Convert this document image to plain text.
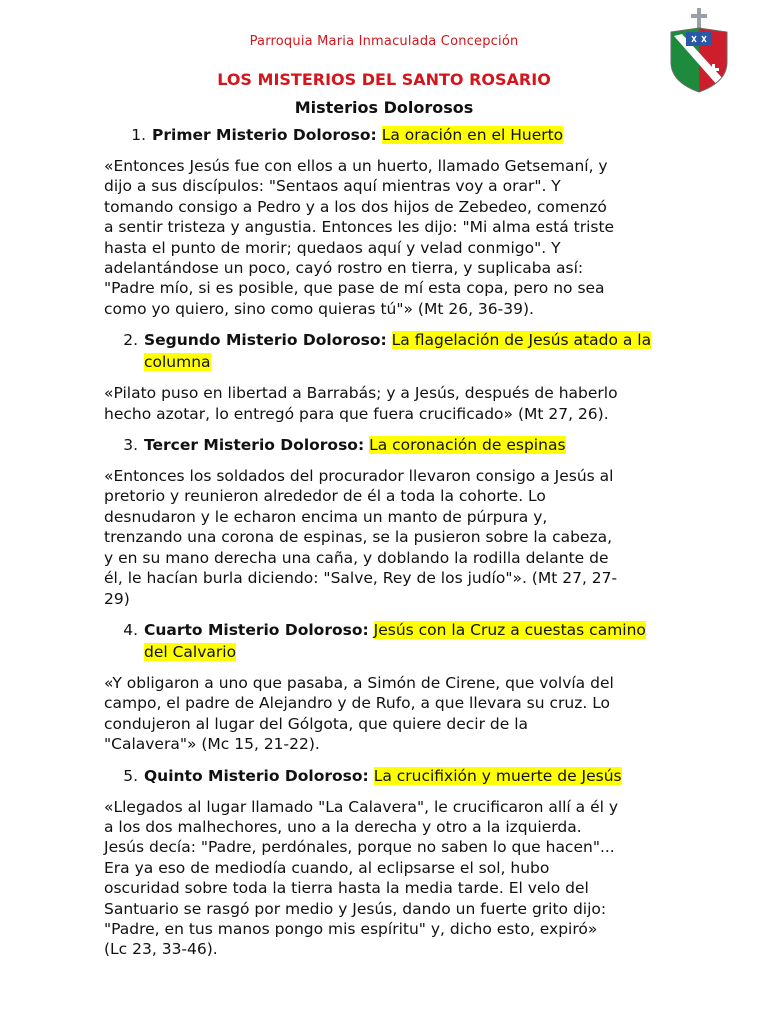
Parroquia Maria Inmaculada Concepción
LOS MISTERIOS DEL SANTO ROSARIO
Misterios Dolorosos
1. Primer Misterio Doloroso: La oración en el Huerto
«Entonces Jesús fue con ellos a un huerto, llamado Getsemaní, y
dijo a sus discípulos: "Sentaos aquí mientras voy a orar". Y
tomando consigo a Pedro y a los dos hijos de Zebedeo, comenzó
a sentir tristeza y angustia. Entonces les dijo: "Mi alma está triste
hasta el punto de morir; quedaos aquí y velad conmigo". Y
adelantándose un poco, cayó rostro en tierra, y suplicaba así:
"Padre mío, si es posible, que pase de mí esta copa, pero no sea
como yo quiero, sino como quieras tú"» (Mt 26, 36-39).
2. Segundo Misterio Doloroso: La flagelación de Jesús atado a la columna
«Pilato puso en libertad a Barrabás; y a Jesús, después de haberlo
hecho azotar, lo entregó para que fuera crucificado» (Mt 27, 26).
3. Tercer Misterio Doloroso: La coronación de espinas
«Entonces los soldados del procurador llevaron consigo a Jesús al
pretorio y reunieron alrededor de él a toda la cohorte. Lo
desnudaron y le echaron encima un manto de púrpura y,
trenzando una corona de espinas, se la pusieron sobre la cabeza,
y en su mano derecha una caña, y doblando la rodilla delante de
él, le hacían burla diciendo: "Salve, Rey de los judío"». (Mt 27, 27-
29)
4. Cuarto Misterio Doloroso: Jesús con la Cruz a cuestas camino del Calvario
«Y obligaron a uno que pasaba, a Simón de Cirene, que volvía del
campo, el padre de Alejandro y de Rufo, a que llevara su cruz. Lo
condujeron al lugar del Gólgota, que quiere decir de la
"Calavera"» (Mc 15, 21-22).
5. Quinto Misterio Doloroso: La crucifixión y muerte de Jesús
«Llegados al lugar llamado "La Calavera", le crucificaron allí a él y
a los dos malhechores, uno a la derecha y otro a la izquierda.
Jesús decía: "Padre, perdónales, porque no saben lo que hacen"...
Era ya eso de mediodía cuando, al eclipsarse el sol, hubo
oscuridad sobre toda la tierra hasta la media tarde. El velo del
Santuario se rasgó por medio y Jesús, dando un fuerte grito dijo:
"Padre, en tus manos pongo mis espíritu" y, dicho esto, expiró»
(Lc 23, 33-46).
